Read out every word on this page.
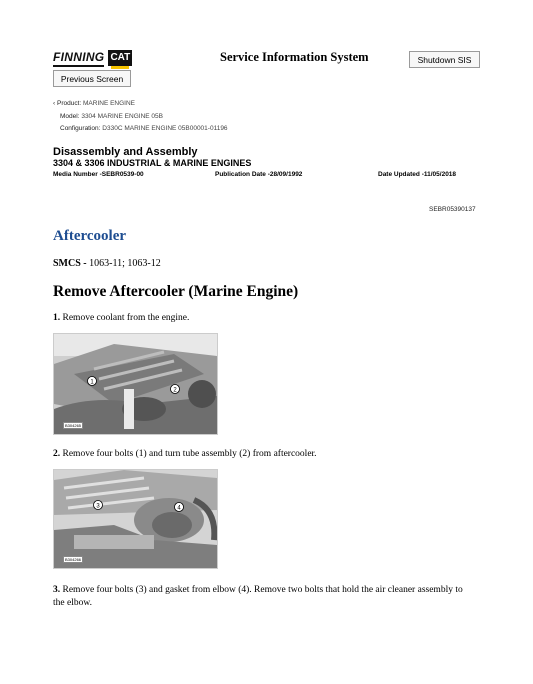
FINNING CAT
Previous Screen
Service Information System	Shutdown SIS
‹ Product: MARINE ENGINE
Model: 3304 MARINE ENGINE 05B
Configuration: D330C MARINE ENGINE 05B00001-01196
Disassembly and Assembly
3304 & 3306 INDUSTRIAL & MARINE ENGINES
Media Number -SEBR0539-00	Publication Date -28/09/1992	Date Updated -11/05/2018
SEBR05390137
Aftercooler
SMCS - 1063-11; 1063-12
Remove Aftercooler (Marine Engine)
1. Remove coolant from the engine.
1
2
B304265
2. Remove four bolts (1) and turn tube assembly (2) from aftercooler.
3	4
B304266
3. Remove four bolts (3) and gasket from elbow (4). Remove two bolts that hold the air cleaner assembly to the elbow.
